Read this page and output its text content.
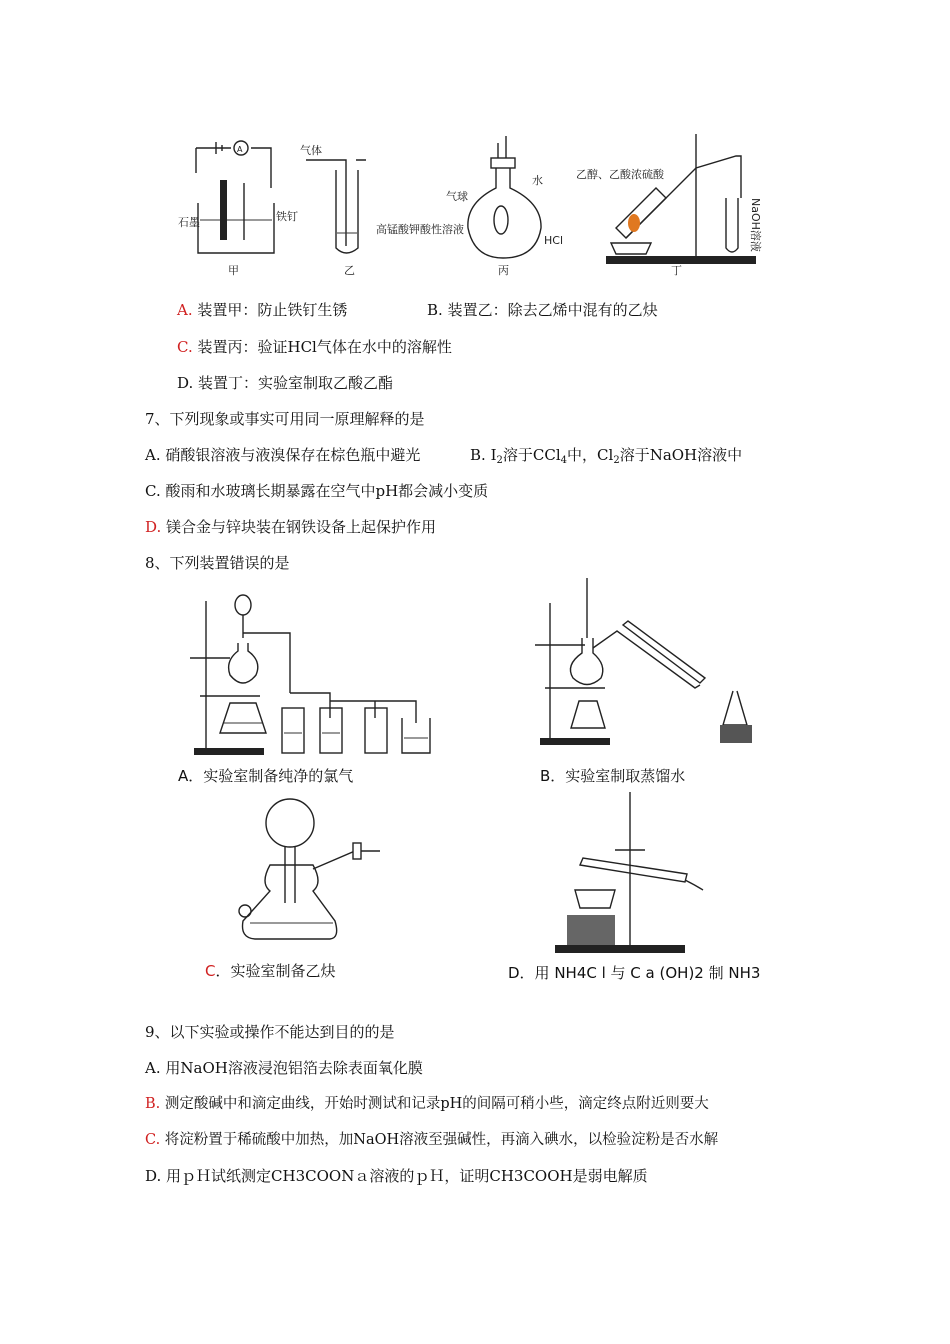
A
石墨	铁钉
甲
气体
高锰酸钾酸性溶液
乙
气球
水
HCl
丙
乙醇、乙酸浓硫酸
NaOH溶液
丁
A. 装置甲：防止铁钉生锈	B. 装置乙：除去乙烯中混有的乙炔
C. 装置丙：验证HCl气体在水中的溶解性
D. 装置丁：实验室制取乙酸乙酯
7、下列现象或事实可用同一原理解释的是
A. 硝酸银溶液与液溴保存在棕色瓶中避光	B. $I_2$溶于CCl$_4$中，$Cl_2$溶于NaOH溶液中
C. 酸雨和水玻璃长期暴露在空气中pH都会减小变质
D. 镁合金与锌块装在钢铁设备上起保护作用
8、下列装置错误的是
A．实验室制备纯净的氯气	B．实验室制取蒸馏水
C．实验室制备乙炔	D．用 NH4C l 与 C a (OH)2 制 NH3
9、以下实验或操作不能达到目的的是
A. 用NaOH溶液浸泡铝箔去除表面氧化膜
B. 测定酸碱中和滴定曲线，开始时测试和记录pH的间隔可稍小些，滴定终点附近则要大
C. 将淀粉置于稀硫酸中加热，加NaOH溶液至强碱性，再滴入碘水，以检验淀粉是否水解
D. 用ｐＨ试纸测定CH3COONａ溶液的ｐＨ，证明CH3COOH是弱电解质
